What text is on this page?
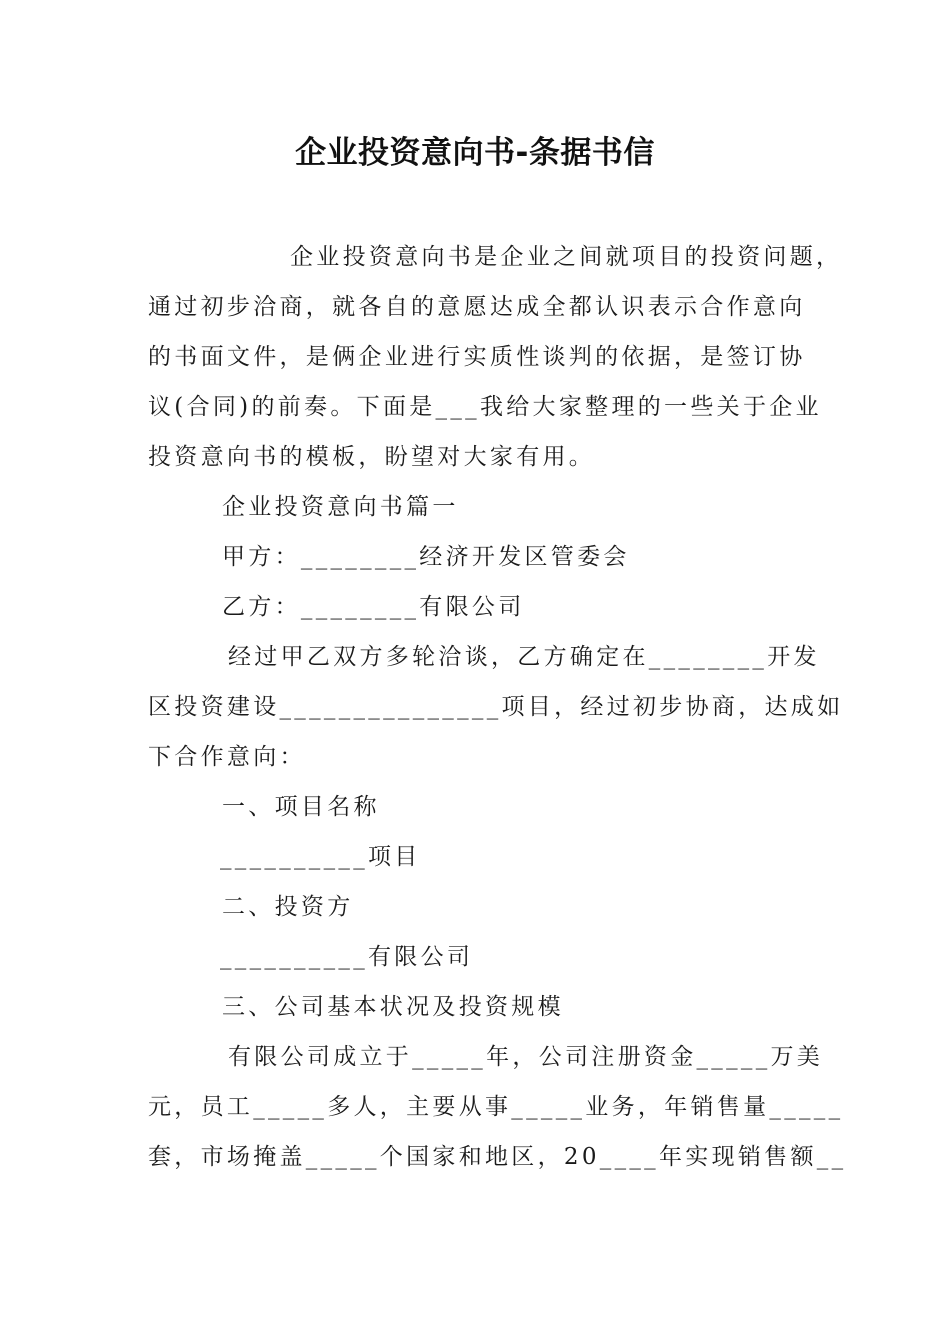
企业投资意向书-条据书信
企业投资意向书是企业之间就项目的投资问题，
通过初步洽商，就各自的意愿达成全都认识表示合作意向
的书面文件，是俩企业进行实质性谈判的依据，是签订协
议(合同)的前奏。下面是___我给大家整理的一些关于企业
投资意向书的模板，盼望对大家有用。
企业投资意向书篇一
甲方：________经济开发区管委会
乙方：________有限公司
经过甲乙双方多轮洽谈，乙方确定在________开发
区投资建设_______________项目，经过初步协商，达成如
下合作意向：
一、项目名称
__________项目
二、投资方
__________有限公司
三、公司基本状况及投资规模
有限公司成立于_____年，公司注册资金_____万美
元，员工_____多人，主要从事_____业务，年销售量_____
套，市场掩盖_____个国家和地区，20____年实现销售额__
